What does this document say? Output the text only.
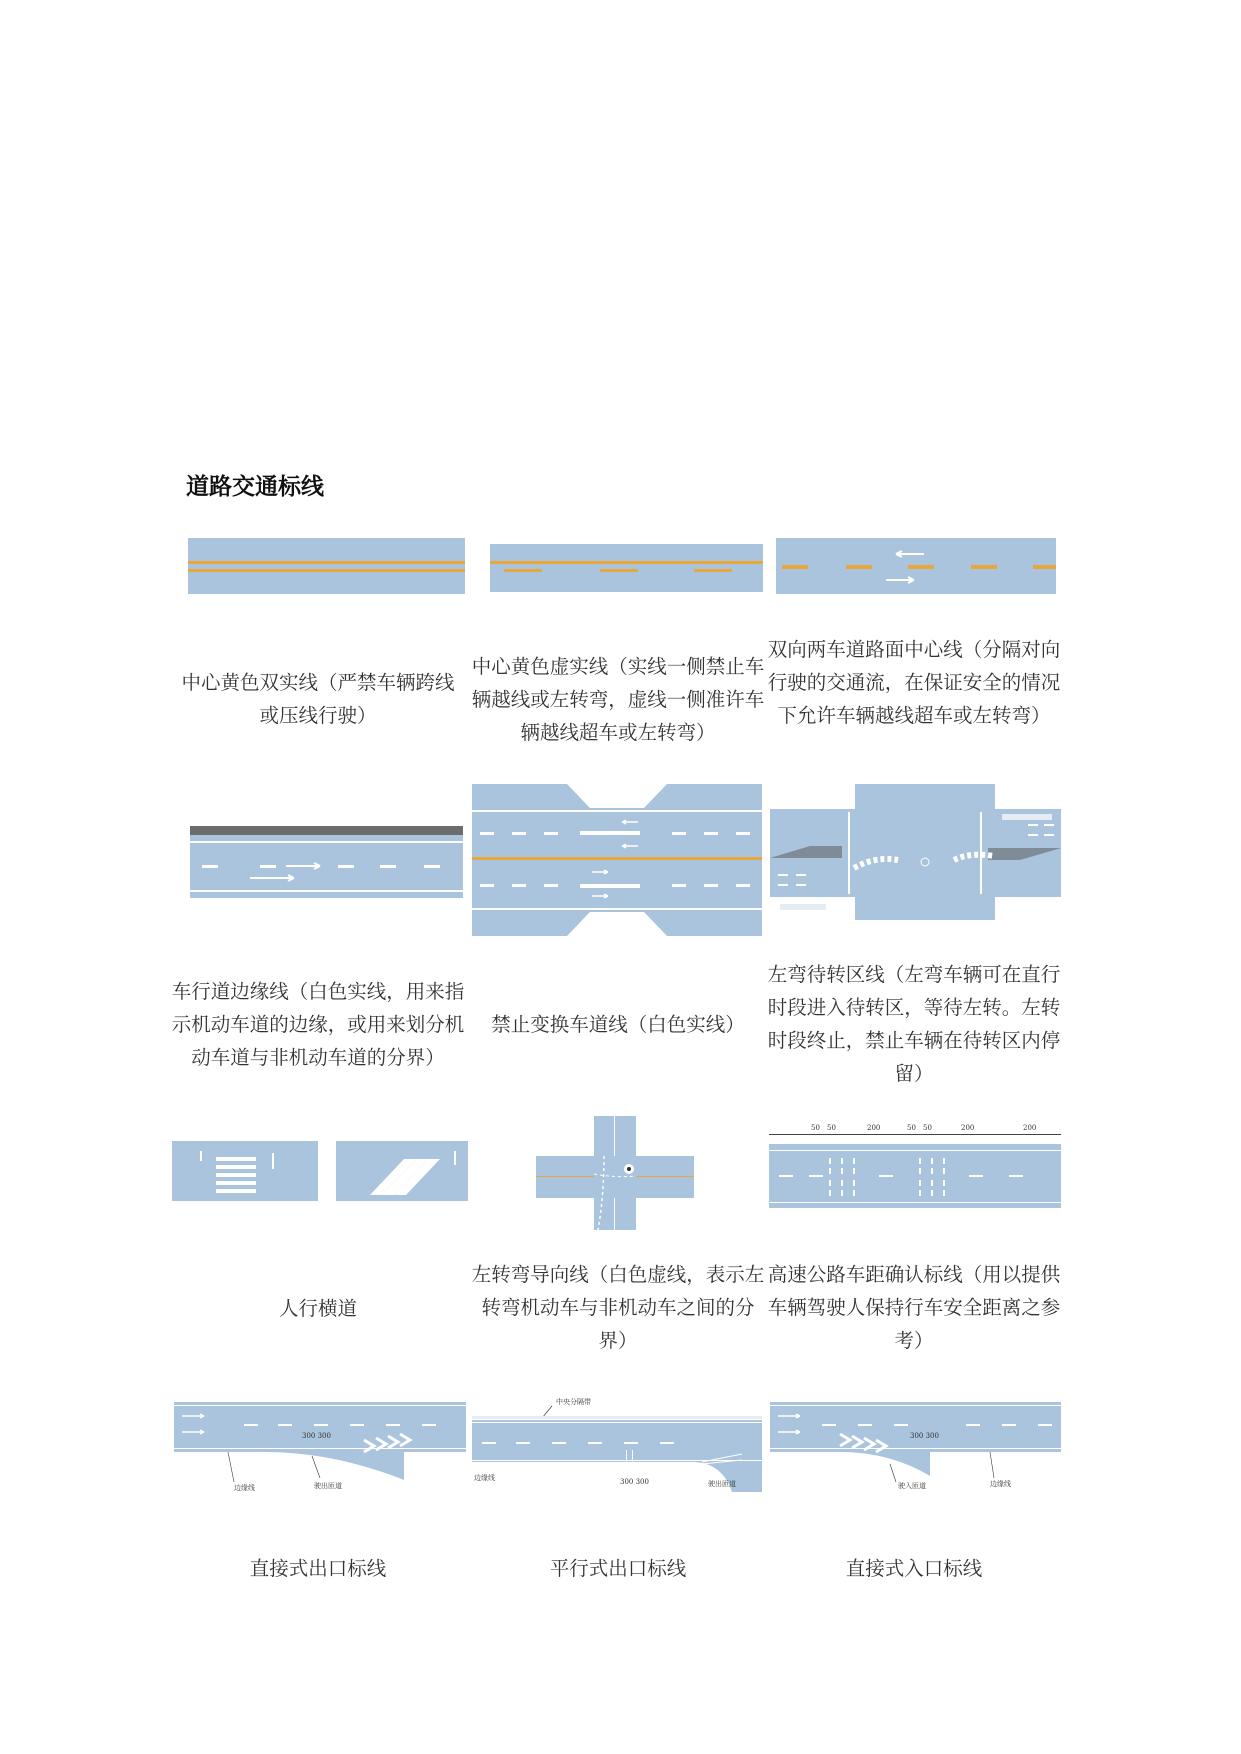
道路交通标线
中心黄色双实线（严禁车辆跨线或压线行驶）
中心黄色虚实线（实线一侧禁止车辆越线或左转弯，虚线一侧准许车辆越线超车或左转弯）
双向两车道路面中心线（分隔对向行驶的交通流，在保证安全的情况下允许车辆越线超车或左转弯）
车行道边缘线（白色实线，用来指示机动车道的边缘，或用来划分机动车道与非机动车道的分界）
禁止变换车道线（白色实线）
左弯待转区线（左弯车辆可在直行时段进入待转区，等待左转。左转时段终止，禁止车辆在待转区内停留）
50 50	200	50 50	200	200
人行横道
左转弯导向线（白色虚线，表示左转弯机动车与非机动车之间的分界）
高速公路车距确认标线（用以提供车辆驾驶人保持行车安全距离之参考）
300 300
边缘线	驶出匝道
中央分隔带
300 300
边缘线
驶出匝道
300 300
驶入匝道	边缘线
直接式出口标线	平行式出口标线	直接式入口标线
